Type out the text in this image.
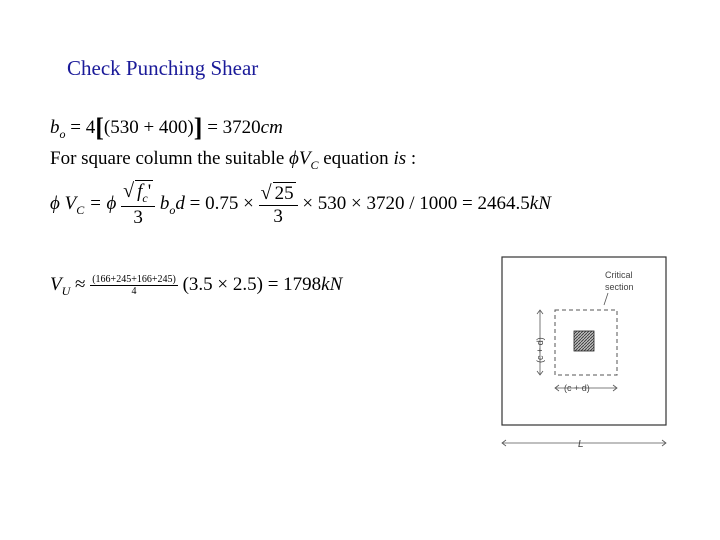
Check Punching Shear
$b_o = 4[(530 + 400)] = 3720cm$
For square column the suitable $\phi V_C$ equation is :
ϕ $V_C = \phi \frac{√ f_c'}{3} b_od = 0.75 \times \frac{√ 25}{3} \times 530 \times 3720 / 1000 = 2464.5kN$
$V_U \approx \frac{(166+245+166+245)}{4} (3.5 \times 2.5) = 1798kN$	Critical
section
(c + d)
(c + d)
L
